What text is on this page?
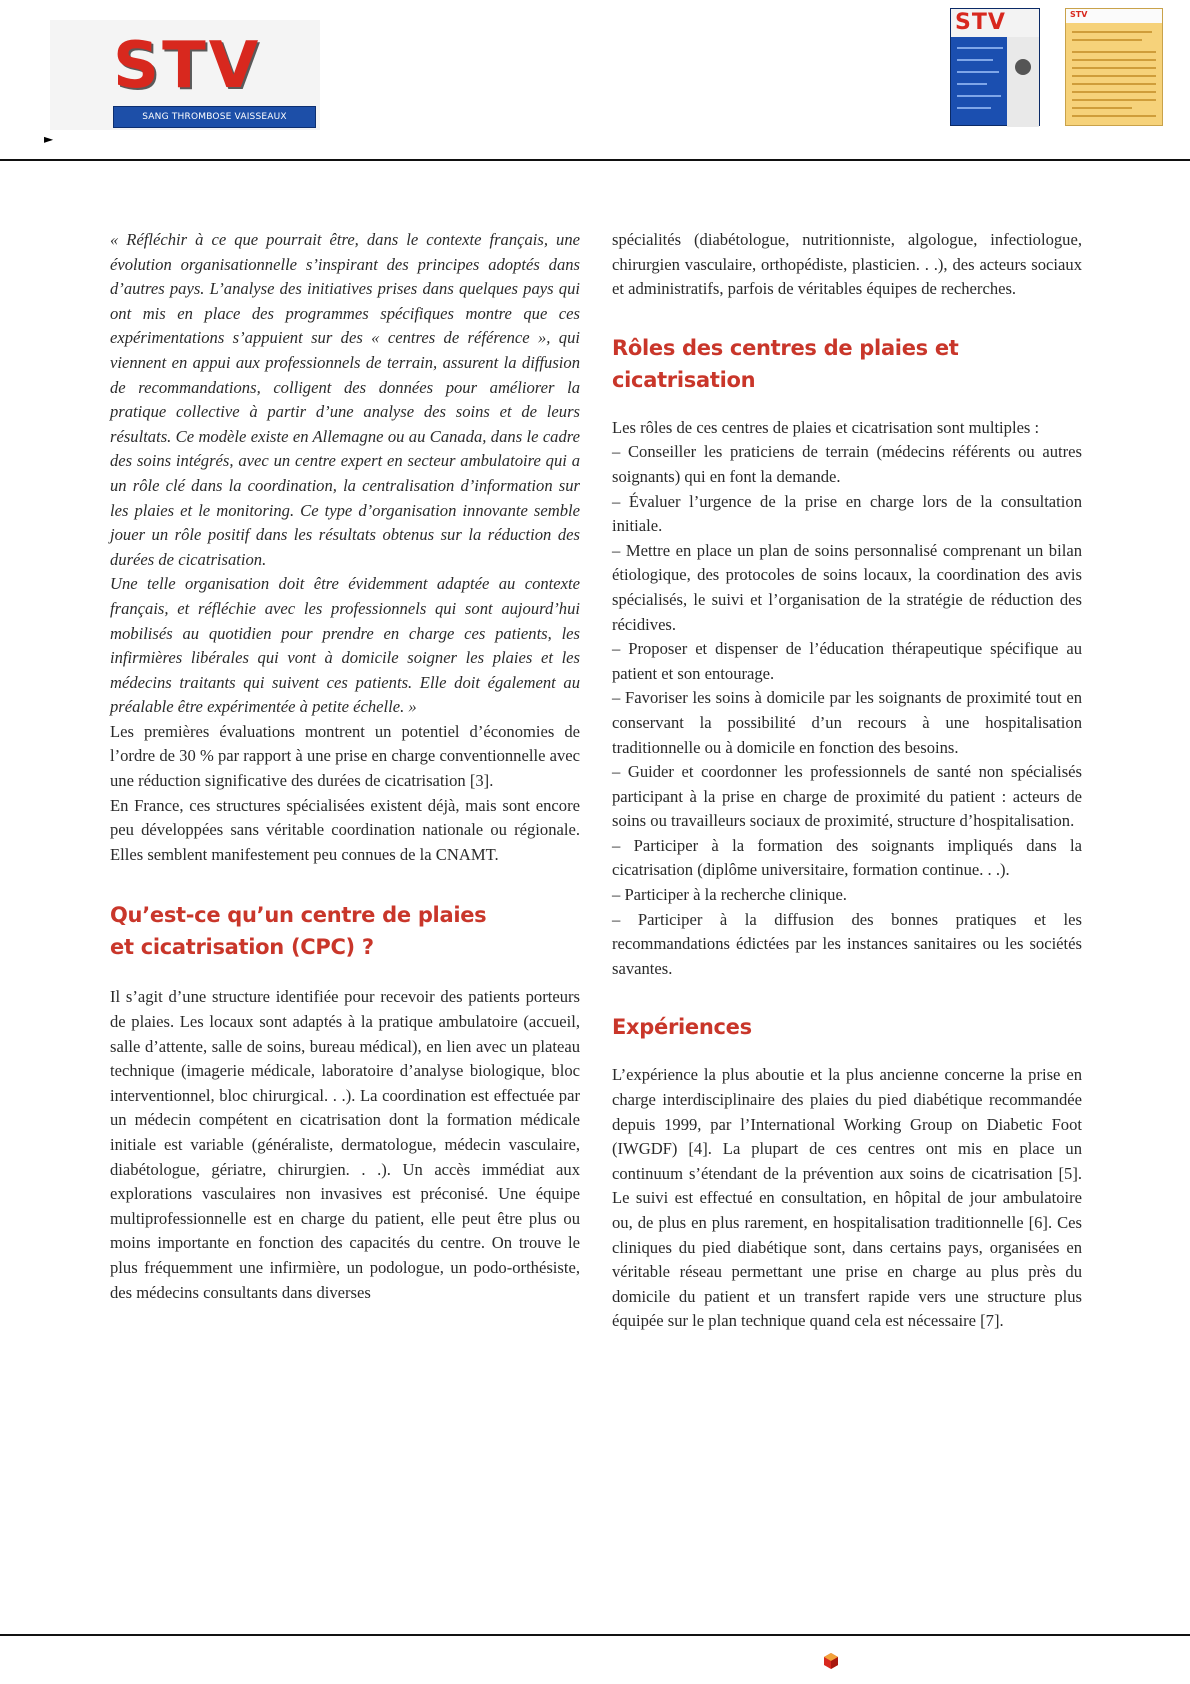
STV
SANG THROMBOSE VAISSEAUX
►
STV	STV

« Réfléchir à ce que pourrait être, dans le contexte français, une évolution organisationnelle s’inspirant des principes adoptés dans d’autres pays. L’analyse des initiatives prises dans quelques pays qui ont mis en place des programmes spécifiques montre que ces expérimentations s’appuient sur des « centres de référence », qui viennent en appui aux professionnels de terrain, assurent la diffusion de recommandations, colligent des données pour améliorer la pratique collective à partir d’une analyse des soins et de leurs résultats. Ce modèle existe en Allemagne ou au Canada, dans le cadre des soins intégrés, avec un centre expert en secteur ambulatoire qui a un rôle clé dans la coordination, la centralisation d’information sur les plaies et le monitoring. Ce type d’organisation innovante semble jouer un rôle positif dans les résultats obtenus sur la réduction des durées de cicatrisation.

Une telle organisation doit être évidemment adaptée au contexte français, et réfléchie avec les professionnels qui sont aujourd’hui mobilisés au quotidien pour prendre en charge ces patients, les infirmières libérales qui vont à domicile soigner les plaies et les médecins traitants qui suivent ces patients. Elle doit également au préalable être expérimentée à petite échelle. »

Les premières évaluations montrent un potentiel d’économies de l’ordre de 30 % par rapport à une prise en charge conventionnelle avec une réduction significative des durées de cicatrisation [3].

En France, ces structures spécialisées existent déjà, mais sont encore peu développées sans véritable coordination nationale ou régionale. Elles semblent manifestement peu connues de la CNAMT.

Qu’est-ce qu’un centre de plaies
et cicatrisation (CPC) ?

Il s’agit d’une structure identifiée pour recevoir des patients porteurs de plaies. Les locaux sont adaptés à la pratique ambulatoire (accueil, salle d’attente, salle de soins, bureau médical), en lien avec un plateau technique (imagerie médicale, laboratoire d’analyse biologique, bloc interventionnel, bloc chirurgical. . .). La coordination est effectuée par un médecin compétent en cicatrisation dont la formation médicale initiale est variable (généraliste, dermatologue, médecin vasculaire, diabétologue, gériatre, chirurgien. . .). Un accès immédiat aux explorations vasculaires non invasives est préconisé. Une équipe multiprofessionnelle est en charge du patient, elle peut être plus ou moins importante en fonction des capacités du centre. On trouve le plus fréquemment une infirmière, un podologue, un podo-orthésiste, des médecins consultants dans diverses

spécialités (diabétologue, nutritionniste, algologue, infectiologue, chirurgien vasculaire, orthopédiste, plasticien. . .), des acteurs sociaux et administratifs, parfois de véritables équipes de recherches.

Rôles des centres de plaies et cicatrisation

Les rôles de ces centres de plaies et cicatrisation sont multiples :

– Conseiller les praticiens de terrain (médecins référents ou autres soignants) qui en font la demande.
– Évaluer l’urgence de la prise en charge lors de la consultation initiale.
– Mettre en place un plan de soins personnalisé comprenant un bilan étiologique, des protocoles de soins locaux, la coordination des avis spécialisés, le suivi et l’organisation de la stratégie de réduction des récidives.
– Proposer et dispenser de l’éducation thérapeutique spécifique au patient et son entourage.
– Favoriser les soins à domicile par les soignants de proximité tout en conservant la possibilité d’un recours à une hospitalisation traditionnelle ou à domicile en fonction des besoins.
– Guider et coordonner les professionnels de santé non spécialisés participant à la prise en charge de proximité du patient : acteurs de soins ou travailleurs sociaux de proximité, structure d’hospitalisation.
– Participer à la formation des soignants impliqués dans la cicatrisation (diplôme universitaire, formation continue. . .).
– Participer à la recherche clinique.
– Participer à la diffusion des bonnes pratiques et les recommandations édictées par les instances sanitaires ou les sociétés savantes.
Expériences

L’expérience la plus aboutie et la plus ancienne concerne la prise en charge interdisciplinaire des plaies du pied diabétique recommandée depuis 1999, par l’International Working Group on Diabetic Foot (IWGDF) [4]. La plupart de ces centres ont mis en place un continuum s’étendant de la prévention aux soins de cicatrisation [5]. Le suivi est effectué en consultation, en hôpital de jour ambulatoire ou, de plus en plus rarement, en hospitalisation traditionnelle [6]. Ces cliniques du pied diabétique sont, dans certains pays, organisées en véritable réseau permettant une prise en charge au plus près du domicile du patient et un transfert rapide vers une structure plus équipée sur le plan technique quand cela est nécessaire [7].
